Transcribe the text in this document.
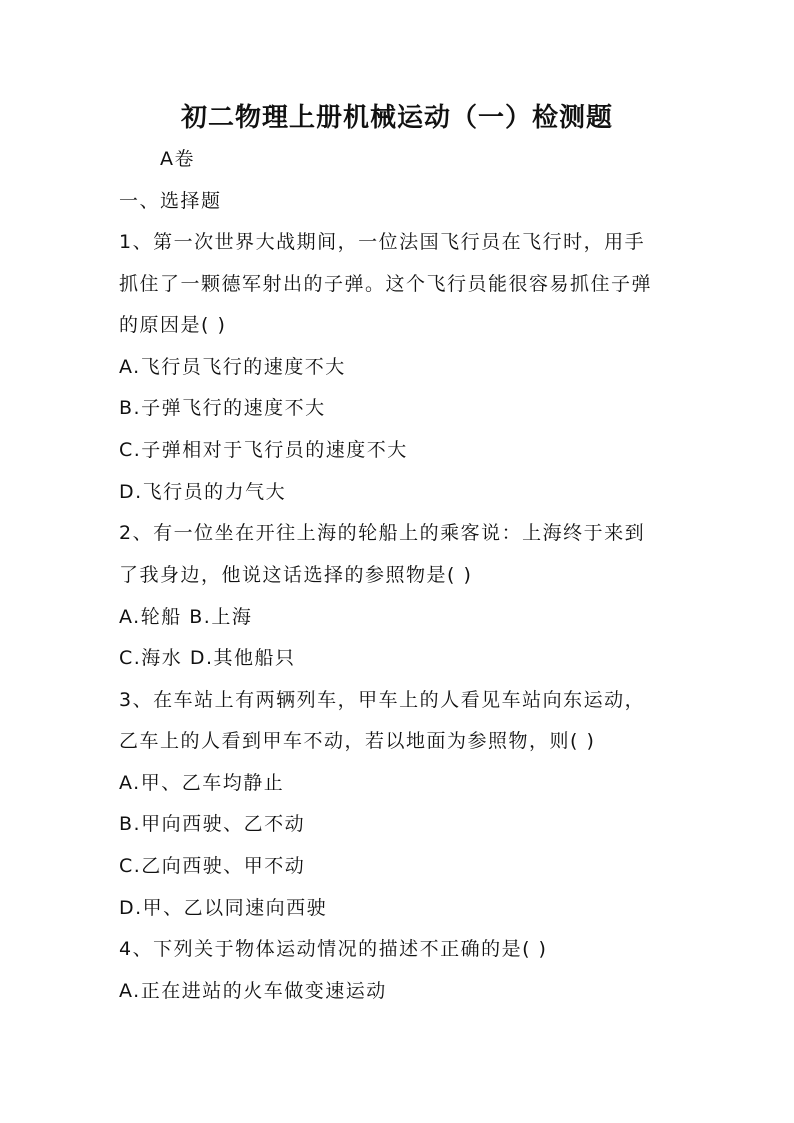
初二物理上册机械运动（一）检测题
A卷
一、选择题
1、第一次世界大战期间，一位法国飞行员在飞行时，用手
抓住了一颗德军射出的子弹。这个飞行员能很容易抓住子弹
的原因是( )
A.飞行员飞行的速度不大
B.子弹飞行的速度不大
C.子弹相对于飞行员的速度不大
D.飞行员的力气大
2、有一位坐在开往上海的轮船上的乘客说：上海终于来到
了我身边，他说这话选择的参照物是( )
A.轮船 B.上海
C.海水 D.其他船只
3、在车站上有两辆列车，甲车上的人看见车站向东运动，
乙车上的人看到甲车不动，若以地面为参照物，则( )
A.甲、乙车均静止
B.甲向西驶、乙不动
C.乙向西驶、甲不动
D.甲、乙以同速向西驶
4、下列关于物体运动情况的描述不正确的是( )
A.正在进站的火车做变速运动
